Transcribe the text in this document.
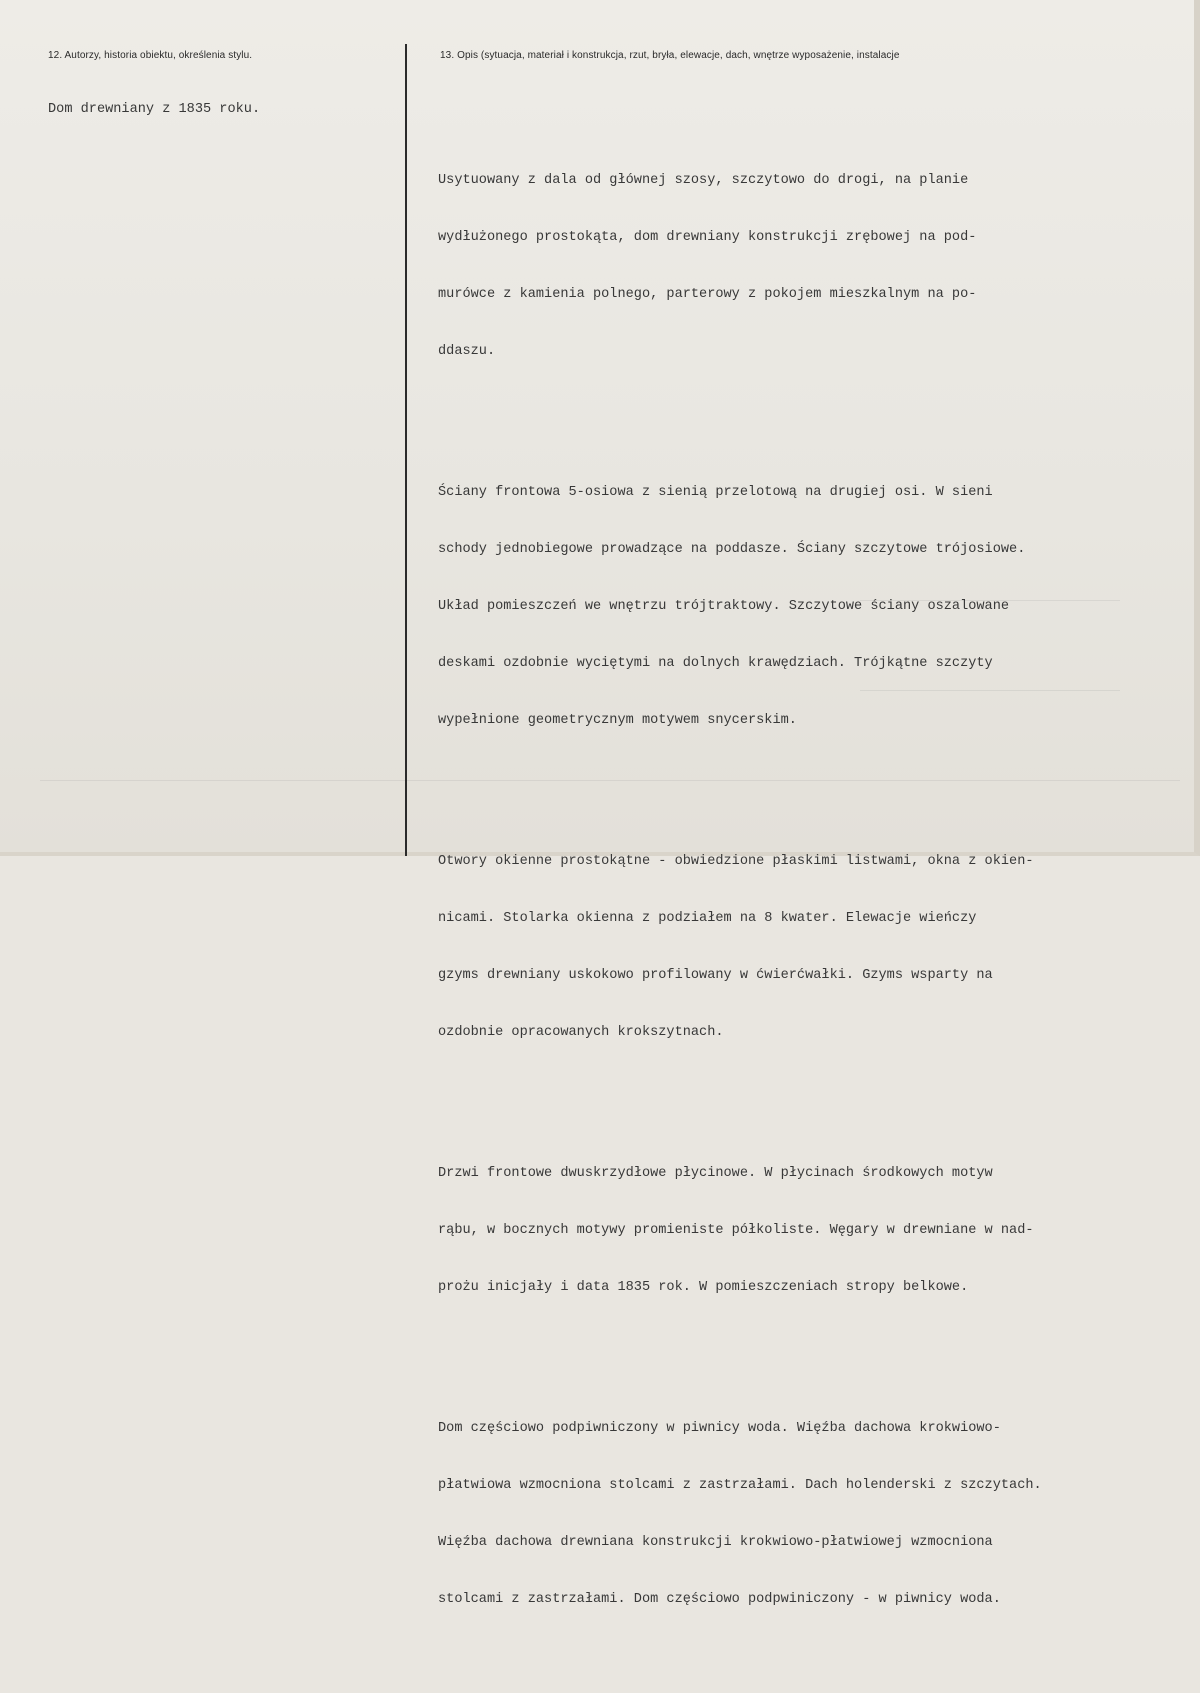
12. Autorzy, historia obiektu, określenia stylu.	13. Opis (sytuacja, materiał i konstrukcja, rzut, bryła, elewacje, dach, wnętrze wyposażenie, instalacje
Dom drewniany z 1835 roku.

Usytuowany z dala od głównej szosy, szczytowo do drogi, na planie

wydłużonego prostokąta, dom drewniany konstrukcji zrębowej na pod-

murówce z kamienia polnego, parterowy z pokojem mieszkalnym na po-

ddaszu.

Ściany frontowa 5-osiowa z sienią przelotową na drugiej osi. W sieni

schody jednobiegowe prowadzące na poddasze. Ściany szczytowe trójosiowe.

Układ pomieszczeń we wnętrzu trójtraktowy. Szczytowe ściany oszalowane

deskami ozdobnie wyciętymi na dolnych krawędziach. Trójkątne szczyty

wypełnione geometrycznym motywem snycerskim.

Otwory okienne prostokątne - obwiedzione płaskimi listwami, okna z okien-

nicami. Stolarka okienna z podziałem na 8 kwater. Elewacje wieńczy

gzyms drewniany uskokowo profilowany w ćwierćwałki. Gzyms wsparty na

ozdobnie opracowanych krokszytnach.

Drzwi frontowe dwuskrzydłowe płycinowe. W płycinach środkowych motyw

rąbu, w bocznych motywy promieniste półkoliste. Węgary w drewniane w nad-

prożu inicjały i data 1835 rok. W pomieszczeniach stropy belkowe.

Dom częściowo podpiwniczony w piwnicy woda. Więźba dachowa krokwiowo-

płatwiowa wzmocniona stolcami z zastrzałami. Dach holenderski z szczytach.

Więźba dachowa drewniana konstrukcji krokwiowo-płatwiowej wzmocniona

stolcami z zastrzałami. Dom częściowo podpwiniczony - w piwnicy woda.
